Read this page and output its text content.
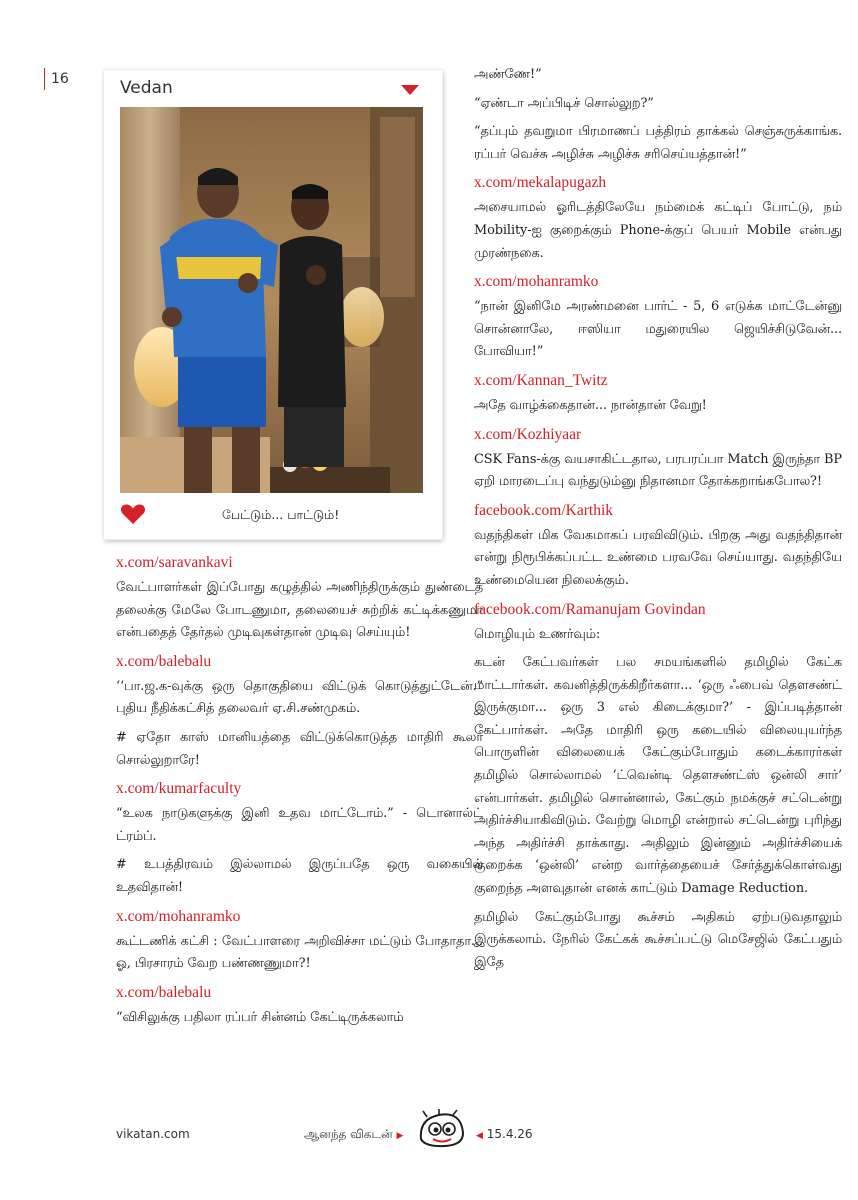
16	Vedan
பேட்டும்... பாட்டும்!
x.com/saravankavi

வேட்பாளர்கள் இப்போது கழுத்தில் அணிந்திருக்கும் துண்டைத் தலைக்கு மேலே போடணுமா, தலையைச் சுற்றிக் கட்டிக்கணுமா என்பதைத் தேர்தல் முடிவுகள்தான் முடிவு செய்யும்!

x.com/balebalu

‘‘பா.ஜ.க-வுக்கு ஒரு தொகுதியை விட்டுக் கொடுத்துட்டேன்.” புதிய நீதிக்கட்சித் தலைவர் ஏ.சி.சண்முகம்.

# ஏதோ காஸ் மானியத்தை விட்டுக்கொடுத்த மாதிரி கூலா சொல்லுறாரே!

x.com/kumarfaculty

“உலக நாடுகளுக்கு இனி உதவ மாட்டோம்.” - டொனால்ட் ட்ரம்ப்.

# உபத்திரவம் இல்லாமல் இருப்பதே ஒரு வகையில் உதவிதான்!

x.com/mohanramko

கூட்டணிக் கட்சி : வேட்பாளரை அறிவிச்சா மட்டும் போதாதா... ஓ, பிரசாரம் வேற பண்ணணுமா?!

x.com/balebalu

“விசிலுக்கு பதிலா ரப்பர் சின்னம் கேட்டிருக்கலாம்

அண்ணே!”

“ஏண்டா அப்பிடிச் சொல்லுற?”

“தப்பும் தவறுமா பிரமாணப் பத்திரம் தாக்கல் செஞ்சுருக்காங்க. ரப்பர் வெச்சு அழிச்சு அழிச்சு சரிசெய்யத்தான்!”

x.com/mekalapugazh

அசையாமல் ஓரிடத்திலேயே நம்மைக் கட்டிப் போட்டு, நம் Mobility-ஐ குறைக்கும் Phone-க்குப் பெயர் Mobile என்பது முரண்நகை.

x.com/mohanramko

“நான் இனிமே அரண்மனை பார்ட் - 5, 6 எடுக்க மாட்டேன்னு சொன்னாலே, ஈஸியா மதுரையில ஜெயிச்சிடுவேன்... போவியா!”

x.com/Kannan_Twitz

அதே வாழ்க்கைதான்... நான்தான் வேறு!

x.com/Kozhiyaar

CSK Fans-க்கு வயசாகிட்டதால, பரபரப்பா Match இருந்தா BP ஏறி மாரடைப்பு வந்துடும்னு நிதானமா தோக்கறாங்கபோல?!

facebook.com/Karthik

வதந்திகள் மிக வேகமாகப் பரவிவிடும். பிறகு அது வதந்திதான் என்று நிரூபிக்கப்பட்ட உண்மை பரவவே செய்யாது. வதந்தியே உண்மையென நிலைக்கும்.

facebook.com/Ramanujam Govindan

மொழியும் உணர்வும்:

கடன் கேட்பவர்கள் பல சமயங்களில் தமிழில் கேட்க மாட்டார்கள். கவனித்திருக்கிறீர்களா... ‘ஒரு ஃபைவ் தௌசண்ட் இருக்குமா... ஒரு 3 எல் கிடைக்குமா?’ - இப்படித்தான் கேட்பார்கள். அதே மாதிரி ஒரு கடையில் விலையுயர்ந்த பொருளின் விலையைக் கேட்கும்போதும் கடைக்காரர்கள் தமிழில் சொல்லாமல் ‘ட்வென்டி தௌசண்ட்ஸ் ஒன்லி சார்’ என்பார்கள். தமிழில் சொன்னால், கேட்கும் நமக்குச் சட்டென்று அதிர்ச்சியாகிவிடும். வேற்று மொழி என்றால் சட்டென்று புரிந்து அந்த அதிர்ச்சி தாக்காது. அதிலும் இன்னும் அதிர்ச்சியைக் குறைக்க ‘ஒன்லி’ என்ற வார்த்தையைச் சேர்த்துக்கொள்வது குறைந்த அளவுதான் எனக் காட்டும் Damage Reduction.

தமிழில் கேட்கும்போது கூச்சம் அதிகம் ஏற்படுவதாலும் இருக்கலாம். நேரில் கேட்கக் கூச்சப்பட்டு மெசேஜில் கேட்பதும் இதே

vikatan.com	ஆனந்த விகடன் ▶	◀ 15.4.26
